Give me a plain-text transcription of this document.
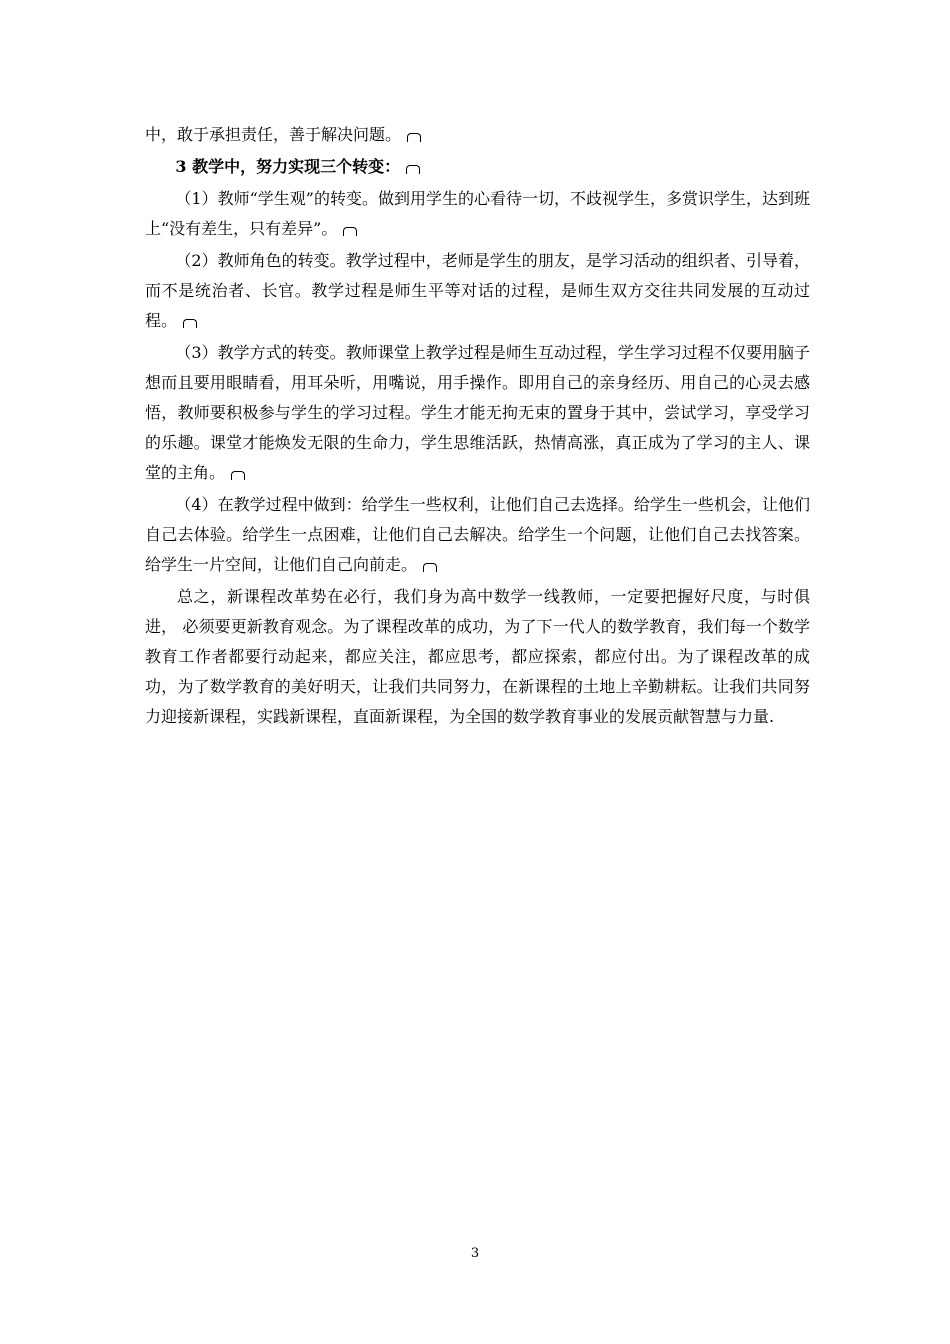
中，敢于承担责任，善于解决问题。

3 教学中，努力实现三个转变：

（1）教师“学生观”的转变。做到用学生的心看待一切，不歧视学生，多赏识学生，达到班上“没有差生，只有差异”。

（2）教师角色的转变。教学过程中，老师是学生的朋友，是学习活动的组织者、引导着，而不是统治者、长官。教学过程是师生平等对话的过程，是师生双方交往共同发展的互动过程。

（3）教学方式的转变。教师课堂上教学过程是师生互动过程，学生学习过程不仅要用脑子想而且要用眼睛看，用耳朵听，用嘴说，用手操作。即用自己的亲身经历、用自己的心灵去感悟，教师要积极参与学生的学习过程。学生才能无拘无束的置身于其中，尝试学习，享受学习的乐趣。课堂才能焕发无限的生命力，学生思维活跃，热情高涨，真正成为了学习的主人、课堂的主角。

（4）在教学过程中做到：给学生一些权利，让他们自己去选择。给学生一些机会，让他们自己去体验。给学生一点困难，让他们自己去解决。给学生一个问题，让他们自己去找答案。给学生一片空间，让他们自己向前走。

总之，新课程改革势在必行，我们身为高中数学一线教师，一定要把握好尺度，与时俱进， 必须要更新教育观念。为了课程改革的成功，为了下一代人的数学教育，我们每一个数学教育工作者都要行动起来，都应关注，都应思考，都应探索，都应付出。为了课程改革的成功，为了数学教育的美好明天，让我们共同努力，在新课程的土地上辛勤耕耘。让我们共同努力迎接新课程，实践新课程，直面新课程，为全国的数学教育事业的发展贡献智慧与力量.

3
